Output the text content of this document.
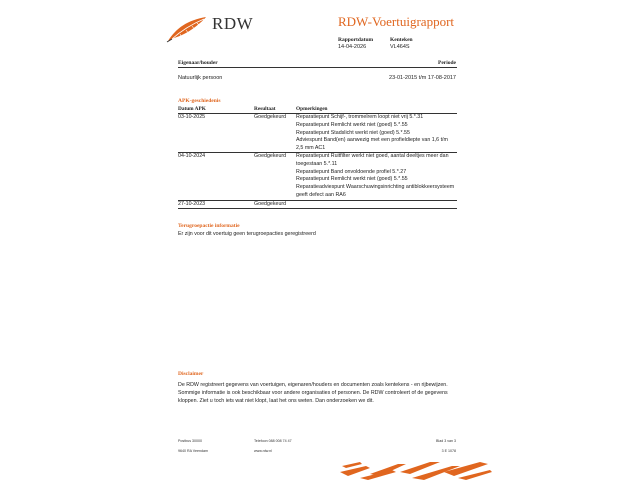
RDW	RDW-Voertuigrapport
Rapportdatum
14-04-2026
Kenteken
VL464S
Eigenaar/houder	Periode
Natuurlijk persoon	23-01-2015 t/m 17-08-2017
APK-geschiedenis
Datum APK	Resultaat	Opmerkingen
03-10-2025	Goedgekeurd Reparatiepunt Schijf-, trommelrem loopt niet vrij 5.*.31
Reparatiepunt Remlicht werkt niet (goed) 5.*.55
Reparatiepunt Stadslicht werkt niet (goed) 5.*.55
Adviespunt Band(en) aanwezig met een profieldiepte van 1,6 t/m
2,5 mm AC1
04-10-2024	Goedgekeurd Reparatiepunt Ruitfilter werkt niet goed, aantal deeltjes meer dan
toegestaan 5.*.11
Reparatiepunt Band onvoldoende profiel 5.*.27
Reparatiepunt Remlicht werkt niet (goed) 5.*.55
Reparatieadviespunt Waarschuwingsinrichting antiblokkeersysteem
geeft defect aan RA6
27-10-2023	Goedgekeurd
Terugroepactie informatie
Er zijn voor dit voertuig geen terugroepacties geregistreerd
Disclaimer
De RDW registreert gegevens van voertuigen, eigenaren/houders en documenten zoals kentekens - en rijbewijzen.
Sommige informatie is ook beschikbaar voor andere organisaties of personen. De RDW controleert of de gegevens
kloppen. Ziet u toch iets wat niet klopt, laat het ons weten. Dan onderzoeken we dit.
Postbus 30000
9640 RA Veendam
Telefoon 088 008 74 47
www.rdw.nl
Blad 3 van 3
3 E 1078
